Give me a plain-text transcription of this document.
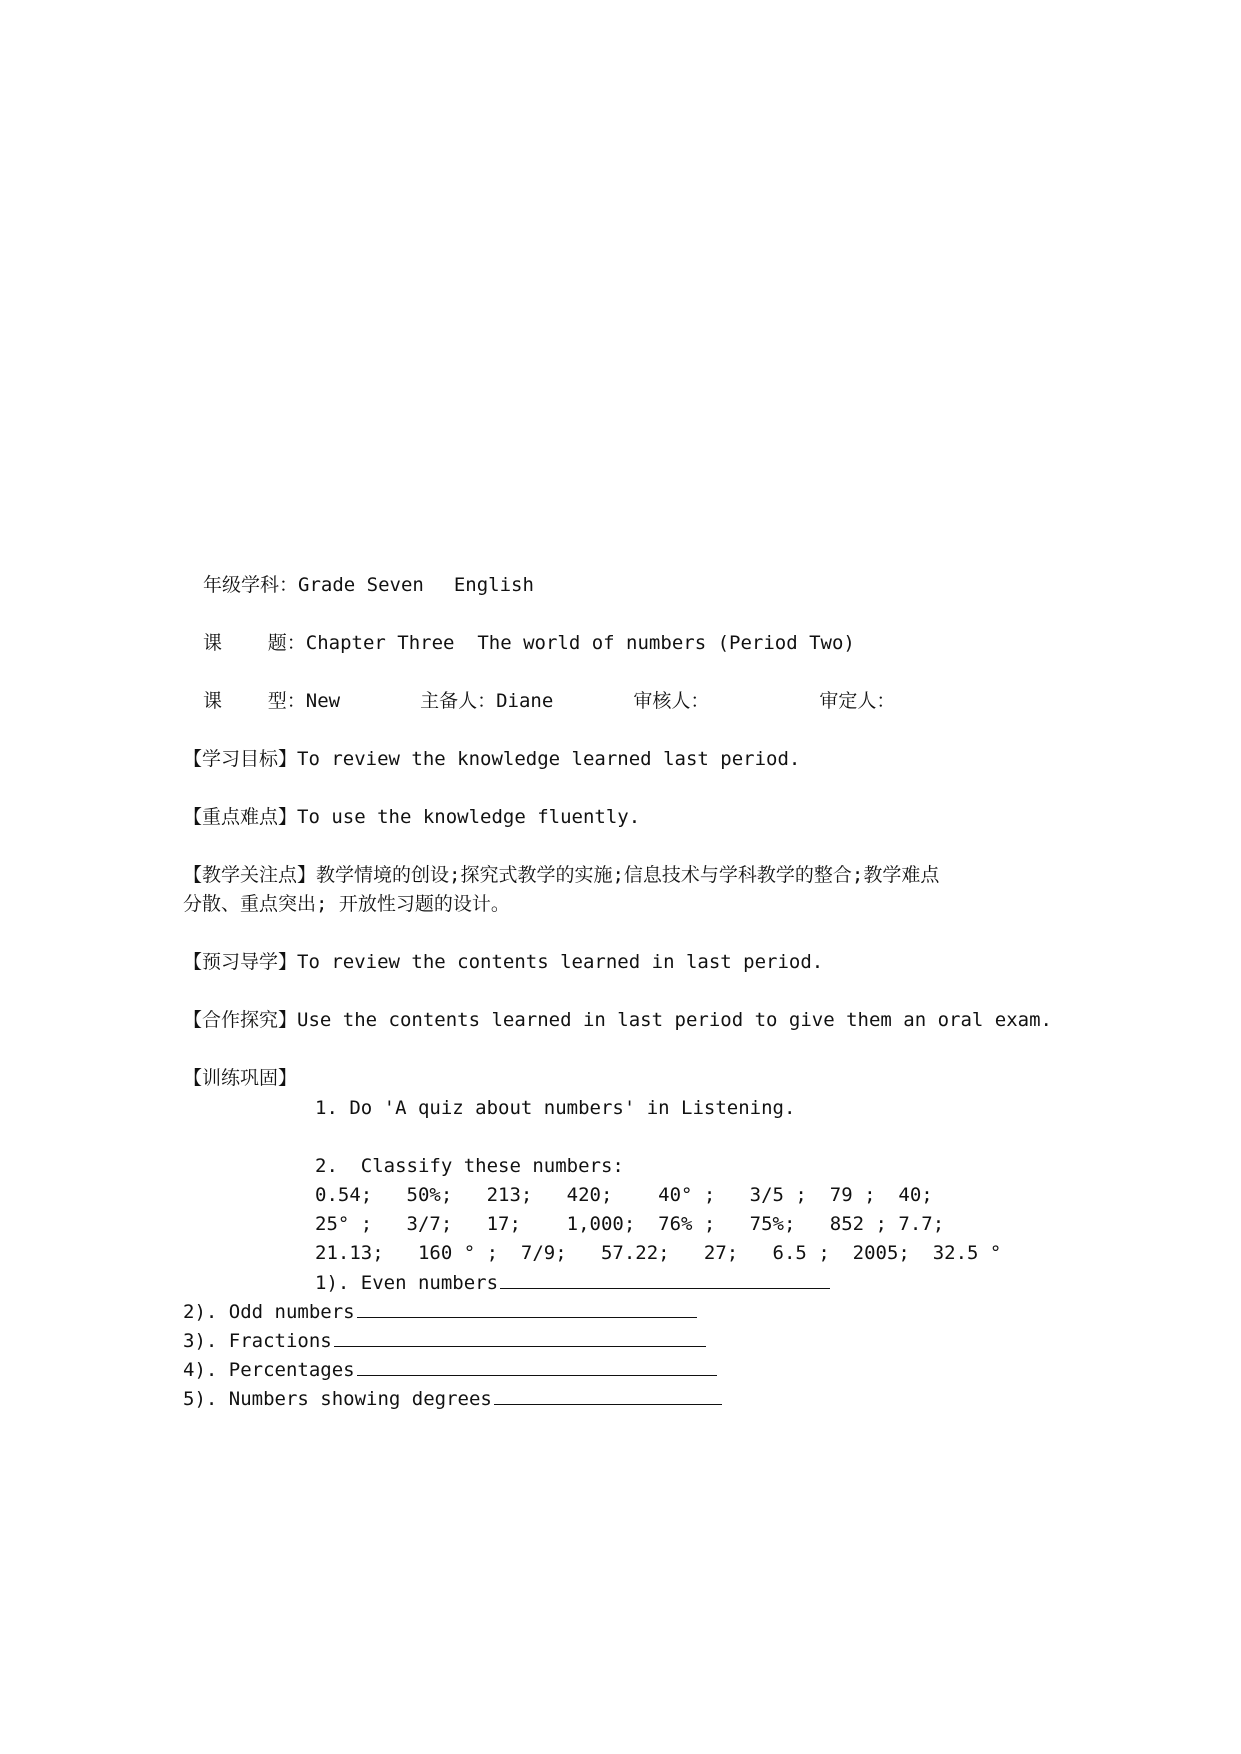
年级学科：Grade Seven English
课    题：Chapter Three  The world of numbers (Period Two)
课    型：New	主备人：Diane	审核人：	审定人：
【学习目标】To review the knowledge learned last period.
【重点难点】To use the knowledge fluently.
【教学关注点】教学情境的创设;探究式教学的实施;信息技术与学科教学的整合;教学难点
分散、重点突出; 开放性习题的设计。
【预习导学】To review the contents learned in last period.
【合作探究】Use the contents learned in last period to give them an oral exam.
【训练巩固】
1. Do 'A quiz about numbers' in Listening.
2.  Classify these numbers:
0.54;   50%;   213;   420;    40° ;   3/5 ;  79 ;  40;
25° ;   3/7;   17;    1,000;  76% ;   75%;   852 ; 7.7;
21.13;   160 ° ;  7/9;   57.22;   27;   6.5 ;  2005;  32.5 °
1). Even numbers
2). Odd numbers
3). Fractions
4). Percentages
5). Numbers showing degrees
